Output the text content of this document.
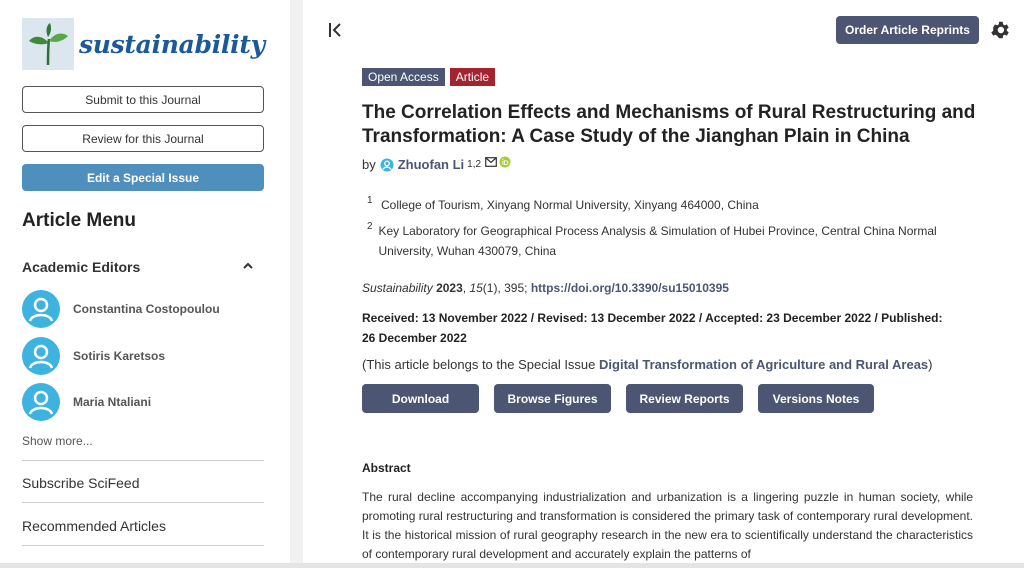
sustainability
Submit to this Journal
Review for this Journal
Edit a Special Issue
Article Menu
Academic Editors
Constantina Costopoulou
Sotiris Karetsos
Maria Ntaliani
Show more...
Subscribe SciFeed
Recommended Articles
Order Article Reprints
Open Access	Article
The Correlation Effects and Mechanisms of Rural Restructuring and Transformation: A Case Study of the Jianghan Plain in China
by Zhuofan Li 1,2
1 College of Tourism, Xinyang Normal University, Xinyang 464000, China
2 Key Laboratory for Geographical Process Analysis & Simulation of Hubei Province, Central China Normal University, Wuhan 430079, China
Sustainability 2023, 15(1), 395; https://doi.org/10.3390/su15010395
Received: 13 November 2022 / Revised: 13 December 2022 / Accepted: 23 December 2022 / Published: 26 December 2022
(This article belongs to the Special Issue Digital Transformation of Agriculture and Rural Areas)
Download	Browse Figures	Review Reports	Versions Notes
Abstract
The rural decline accompanying industrialization and urbanization is a lingering puzzle in human society, while promoting rural restructuring and transformation is considered the primary task of contemporary rural development. It is the historical mission of rural geography research in the new era to scientifically understand the characteristics of contemporary rural development and accurately explain the patterns of
